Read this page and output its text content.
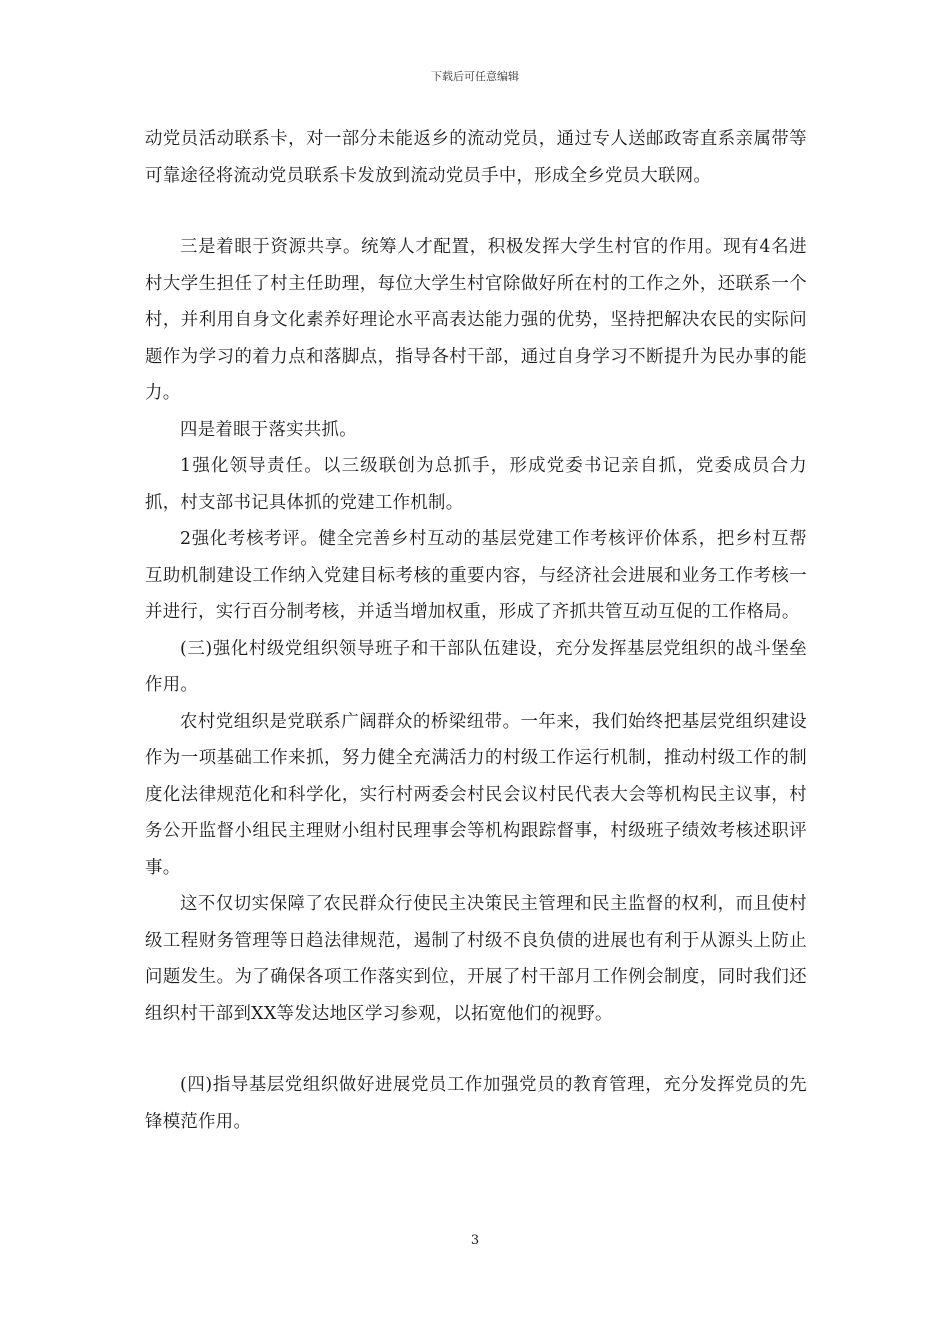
下载后可任意编辑

动党员活动联系卡，对一部分未能返乡的流动党员，通过专人送邮政寄直系亲属带等可靠途径将流动党员联系卡发放到流动党员手中，形成全乡党员大联网。

三是着眼于资源共享。统筹人才配置，积极发挥大学生村官的作用。现有4名进村大学生担任了村主任助理，每位大学生村官除做好所在村的工作之外，还联系一个村，并利用自身文化素养好理论水平高表达能力强的优势，坚持把解决农民的实际问题作为学习的着力点和落脚点，指导各村干部，通过自身学习不断提升为民办事的能力。

四是着眼于落实共抓。

1强化领导责任。以三级联创为总抓手，形成党委书记亲自抓，党委成员合力抓，村支部书记具体抓的党建工作机制。

2强化考核考评。健全完善乡村互动的基层党建工作考核评价体系，把乡村互帮互助机制建设工作纳入党建目标考核的重要内容，与经济社会进展和业务工作考核一并进行，实行百分制考核，并适当增加权重，形成了齐抓共管互动互促的工作格局。

(三)强化村级党组织领导班子和干部队伍建设，充分发挥基层党组织的战斗堡垒作用。

农村党组织是党联系广阔群众的桥梁纽带。一年来，我们始终把基层党组织建设作为一项基础工作来抓，努力健全充满活力的村级工作运行机制，推动村级工作的制度化法律规范化和科学化，实行村两委会村民会议村民代表大会等机构民主议事，村务公开监督小组民主理财小组村民理事会等机构跟踪督事，村级班子绩效考核述职评事。

这不仅切实保障了农民群众行使民主决策民主管理和民主监督的权利，而且使村级工程财务管理等日趋法律规范，遏制了村级不良负债的进展也有利于从源头上防止问题发生。为了确保各项工作落实到位，开展了村干部月工作例会制度，同时我们还组织村干部到XX等发达地区学习参观，以拓宽他们的视野。

(四)指导基层党组织做好进展党员工作加强党员的教育管理，充分发挥党员的先锋模范作用。

3
